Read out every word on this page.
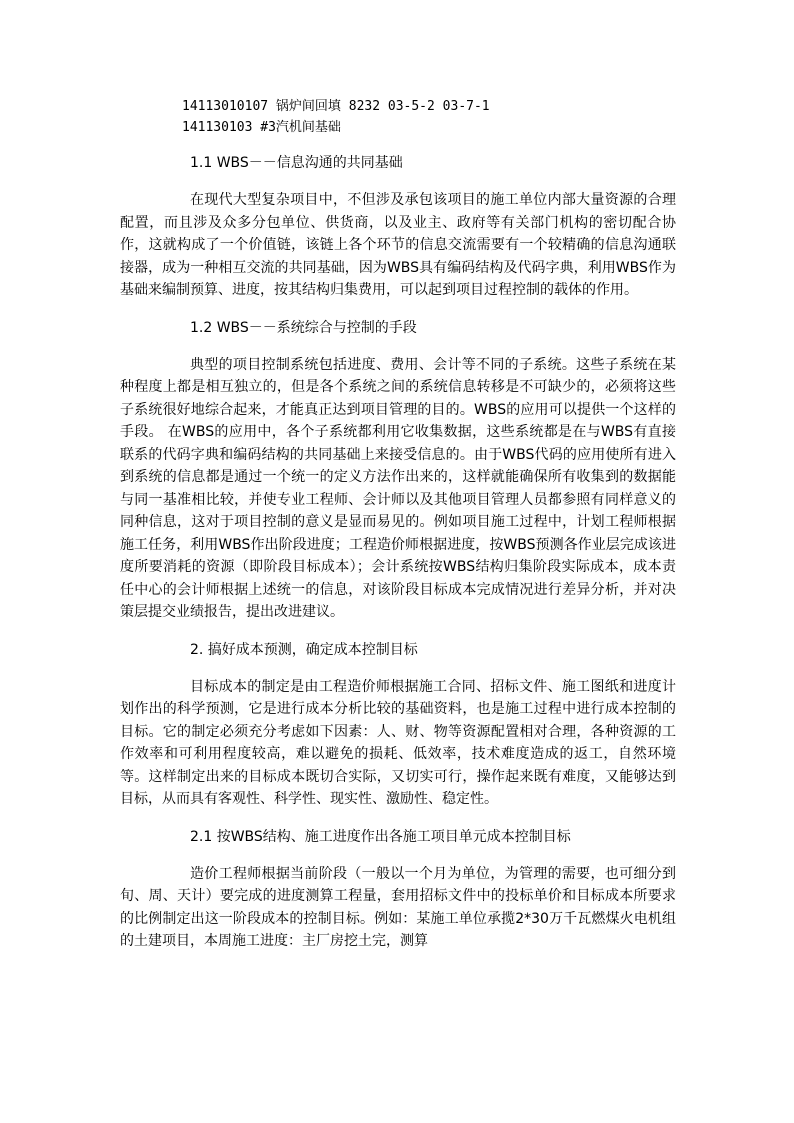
14113010107 锅炉间回填 8232 03-5-2 03-7-1

141130103 #3汽机间基础

1.1 WBS－－信息沟通的共同基础

在现代大型复杂项目中，不但涉及承包该项目的施工单位内部大量资源的合理配置，而且涉及众多分包单位、供货商，以及业主、政府等有关部门机构的密切配合协作，这就构成了一个价值链，该链上各个环节的信息交流需要有一个较精确的信息沟通联接器，成为一种相互交流的共同基础，因为WBS具有编码结构及代码字典，利用WBS作为基础来编制预算、进度，按其结构归集费用，可以起到项目过程控制的载体的作用。

1.2 WBS－－系统综合与控制的手段

典型的项目控制系统包括进度、费用、会计等不同的子系统。这些子系统在某种程度上都是相互独立的，但是各个系统之间的系统信息转移是不可缺少的，必须将这些子系统很好地综合起来，才能真正达到项目管理的目的。WBS的应用可以提供一个这样的手段。 在WBS的应用中，各个子系统都利用它收集数据，这些系统都是在与WBS有直接联系的代码字典和编码结构的共同基础上来接受信息的。由于WBS代码的应用使所有进入到系统的信息都是通过一个统一的定义方法作出来的，这样就能确保所有收集到的数据能与同一基准相比较，并使专业工程师、会计师以及其他项目管理人员都参照有同样意义的同种信息，这对于项目控制的意义是显而易见的。例如项目施工过程中，计划工程师根据施工任务，利用WBS作出阶段进度；工程造价师根据进度，按WBS预测各作业层完成该进度所要消耗的资源（即阶段目标成本）；会计系统按WBS结构归集阶段实际成本，成本责任中心的会计师根据上述统一的信息，对该阶段目标成本完成情况进行差异分析，并对决策层提交业绩报告，提出改进建议。

2. 搞好成本预测，确定成本控制目标

目标成本的制定是由工程造价师根据施工合同、招标文件、施工图纸和进度计划作出的科学预测，它是进行成本分析比较的基础资料，也是施工过程中进行成本控制的目标。它的制定必须充分考虑如下因素：人、财、物等资源配置相对合理，各种资源的工作效率和可利用程度较高，难以避免的损耗、低效率，技术难度造成的返工，自然环境等。这样制定出来的目标成本既切合实际，又切实可行，操作起来既有难度，又能够达到目标，从而具有客观性、科学性、现实性、激励性、稳定性。

2.1 按WBS结构、施工进度作出各施工项目单元成本控制目标

造价工程师根据当前阶段（一般以一个月为单位，为管理的需要，也可细分到旬、周、天计）要完成的进度测算工程量，套用招标文件中的投标单价和目标成本所要求的比例制定出这一阶段成本的控制目标。例如：某施工单位承揽2*30万千瓦燃煤火电机组的土建项目，本周施工进度：主厂房挖土完，测算
